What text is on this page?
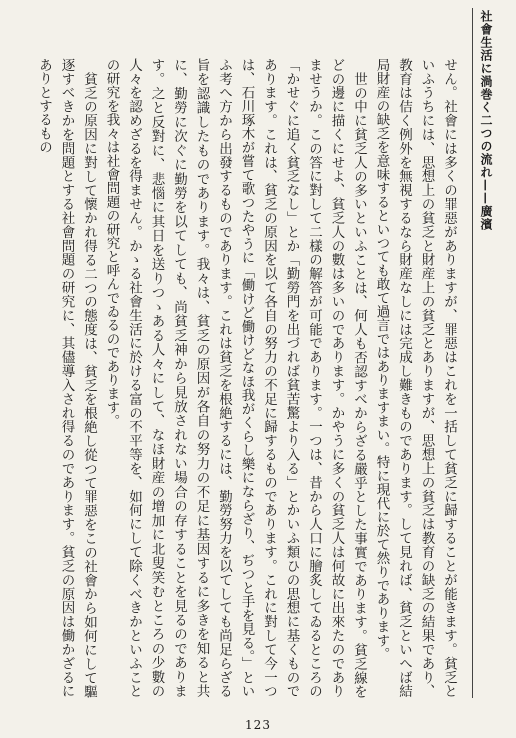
社會生活に渦巻く二つの流れ——廣濱

せん。社會には多くの罪惡がありますが、罪惡はこれを一括して貧乏に歸することが能きます。貧乏といふうちには、思想上の貧乏と財産上の貧乏とありますが、思想上の貧乏は教育の缺乏の結果であり、教育は佶く例外を無視するなら財産なしには完成し難きものであります。して見れば、貧乏といへば結局財産の缺乏を意味するといつても敢て過言ではありますまい。特に現代に於て然りであります。

世の中に貧乏人の多いといふことは、何人も否認すべからざる嚴乎とした事實であります。貧乏線をどの邊に描くにせよ、貧乏人の數は多いのであります。かやうに多くの貧乏人は何故に出來たのでありませうか。この答に對して二樣の解答が可能であります。一つは、昔から人口に膾炙してゐるところの「かせぐに追く貧乏なし」とか「勤勞門を出づれば貧苦驚より入る」とかいふ類ひの思想に基くものであります。これは、貧乏の原因を以て各自の努力の不足に歸するものであります。これに對して今一つは、石川琢木が嘗て歌つたやうに「働けど働けどなほ我がくらし樂にならざり、ぢつと手を見る。」といふ考へ方から出發するものであります。これは貧乏を根絶するには、勤勞努力を以てしても尚足らざる旨を認識したものであります。我々は、貧乏の原因が各自の努力の不足に基因するに多きを知ると共に、勤勞に次ぐに勤勞を以てしても、尚貧乏神から見放されない場合の存することを見るのであります。之と反對に、悲惱に其日を送りつゝある人々にして、なほ財産の增加に北叟笑むところの少數の人々を認めざるを得ません。かゝる社會生活に於ける富の不平等を、如何にして除くべきかといふことの研究を我々は社會問題の研究と呼んでゐるのであります。

貧乏の原因に對して懷かれ得る二つの態度は、貧乏を根絶し從つて罪惡をこの社會から如何にして驅逐すべきかを問題とする社會問題の研究に、其儘導入され得るのであります。貧乏の原因は働かざるにありとするもの

123
